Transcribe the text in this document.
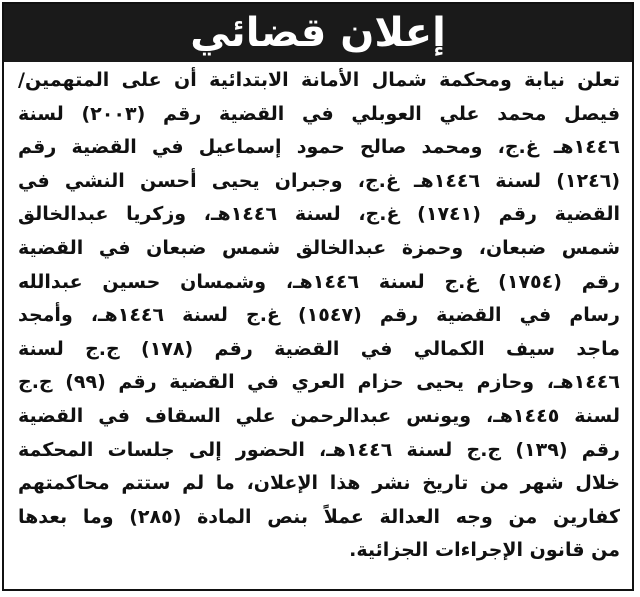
إعلان قضائي
تعلن نيابة ومحكمة شمال الأمانة الابتدائية أن على المتهمين/
فيصل محمد علي العوبلي في القضية رقم (٢٠٠٣) لسنة
١٤٤٦هـ غ.ج، ومحمد صالح حمود إسماعيل في القضية رقم
(١٢٤٦) لسنة ١٤٤٦هـ غ.ج، وجبران يحيى أحسن النشي في
القضية رقم (١٧٤١) غ.ج، لسنة ١٤٤٦هـ، وزكريا عبدالخالق
شمس ضبعان، وحمزة عبدالخالق شمس ضبعان في القضية
رقم (١٧٥٤) غ.ج لسنة ١٤٤٦هـ، وشمسان حسين عبدالله
رسام في القضية رقم (١٥٤٧) غ.ج لسنة ١٤٤٦هـ، وأمجد
ماجد سيف الكمالي في القضية رقم (١٧٨) ج.ج لسنة
١٤٤٦هـ، وحازم يحيى حزام العري في القضية رقم (٩٩) ج.ج
لسنة ١٤٤٥هـ، ويونس عبدالرحمن علي السقاف في القضية
رقم (١٣٩) ج.ج لسنة ١٤٤٦هـ، الحضور إلى جلسات المحكمة
خلال شهر من تاريخ نشر هذا الإعلان، ما لم ستتم محاكمتهم
كفارين من وجه العدالة عملاً بنص المادة (٢٨٥) وما بعدها
من قانون الإجراءات الجزائية.
